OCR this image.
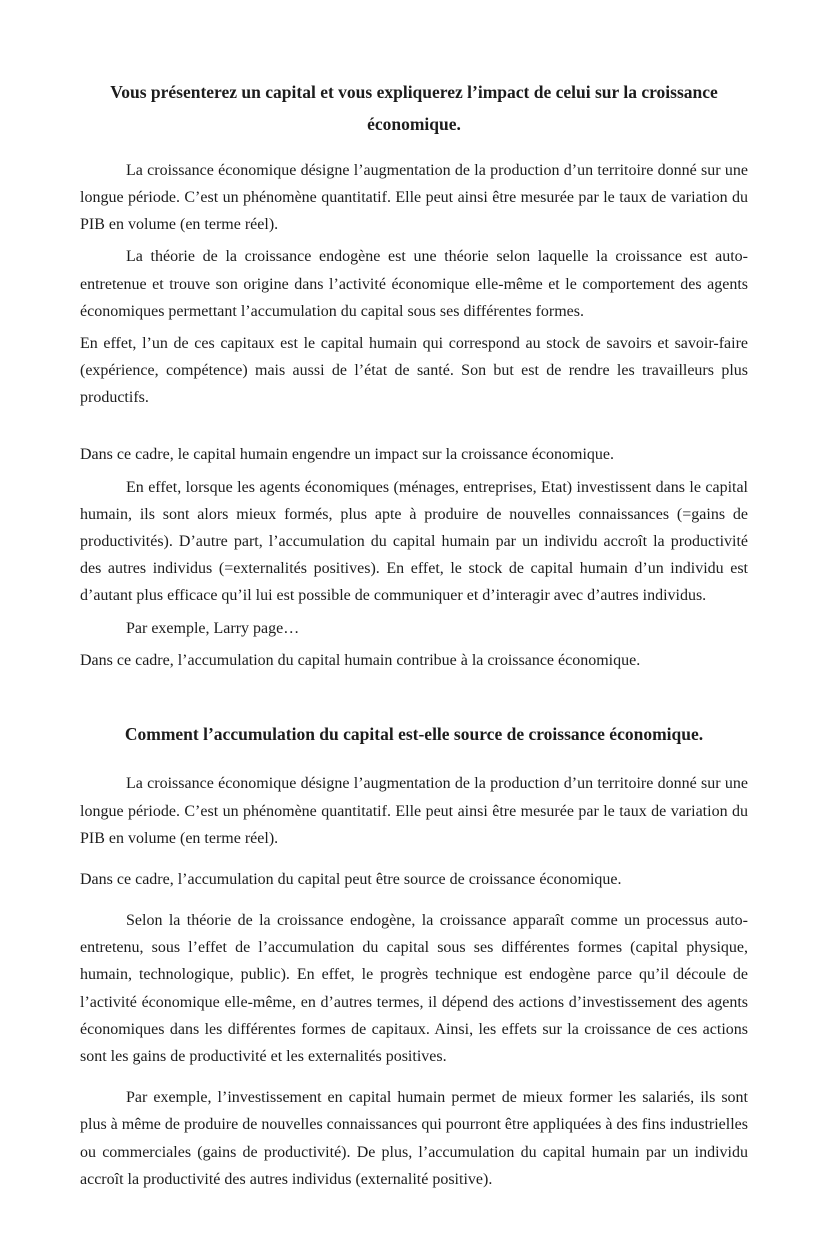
Vous présenterez un capital et vous expliquerez l’impact de celui sur la croissance économique.

La croissance économique désigne l’augmentation de la production d’un territoire donné sur une longue période. C’est un phénomène quantitatif. Elle peut ainsi être mesurée par le taux de variation du PIB en volume (en terme réel).

La théorie de la croissance endogène est une théorie selon laquelle la croissance est auto-entretenue et trouve son origine dans l’activité économique elle-même et le comportement des agents économiques permettant l’accumulation du capital sous ses différentes formes.

En effet, l’un de ces capitaux est le capital humain qui correspond au stock de savoirs et savoir-faire (expérience, compétence) mais aussi de l’état de santé. Son but est de rendre les travailleurs plus productifs.

Dans ce cadre, le capital humain engendre un impact sur la croissance économique.

En effet, lorsque les agents économiques (ménages, entreprises, Etat) investissent dans le capital humain, ils sont alors mieux formés, plus apte à produire de nouvelles connaissances (=gains de productivités). D’autre part, l’accumulation du capital humain par un individu accroît la productivité des autres individus (=externalités positives). En effet, le stock de capital humain d’un individu est d’autant plus efficace qu’il lui est possible de communiquer et d’interagir avec d’autres individus.

Par exemple, Larry page…

Dans ce cadre, l’accumulation du capital humain contribue à la croissance économique.

Comment l’accumulation du capital est-elle source de croissance économique.

La croissance économique désigne l’augmentation de la production d’un territoire donné sur une longue période. C’est un phénomène quantitatif. Elle peut ainsi être mesurée par le taux de variation du PIB en volume (en terme réel).

Dans ce cadre, l’accumulation du capital peut être source de croissance économique.

Selon la théorie de la croissance endogène, la croissance apparaît comme un processus auto-entretenu, sous l’effet de l’accumulation du capital sous ses différentes formes (capital physique, humain, technologique, public). En effet, le progrès technique est endogène parce qu’il découle de l’activité économique elle-même, en d’autres termes, il dépend des actions d’investissement des agents économiques dans les différentes formes de capitaux. Ainsi, les effets sur la croissance de ces actions sont les gains de productivité et les externalités positives.

Par exemple, l’investissement en capital humain permet de mieux former les salariés, ils sont plus à même de produire de nouvelles connaissances qui pourront être appliquées à des fins industrielles ou commerciales (gains de productivité). De plus, l’accumulation du capital humain par un individu accroît la productivité des autres individus (externalité positive).
